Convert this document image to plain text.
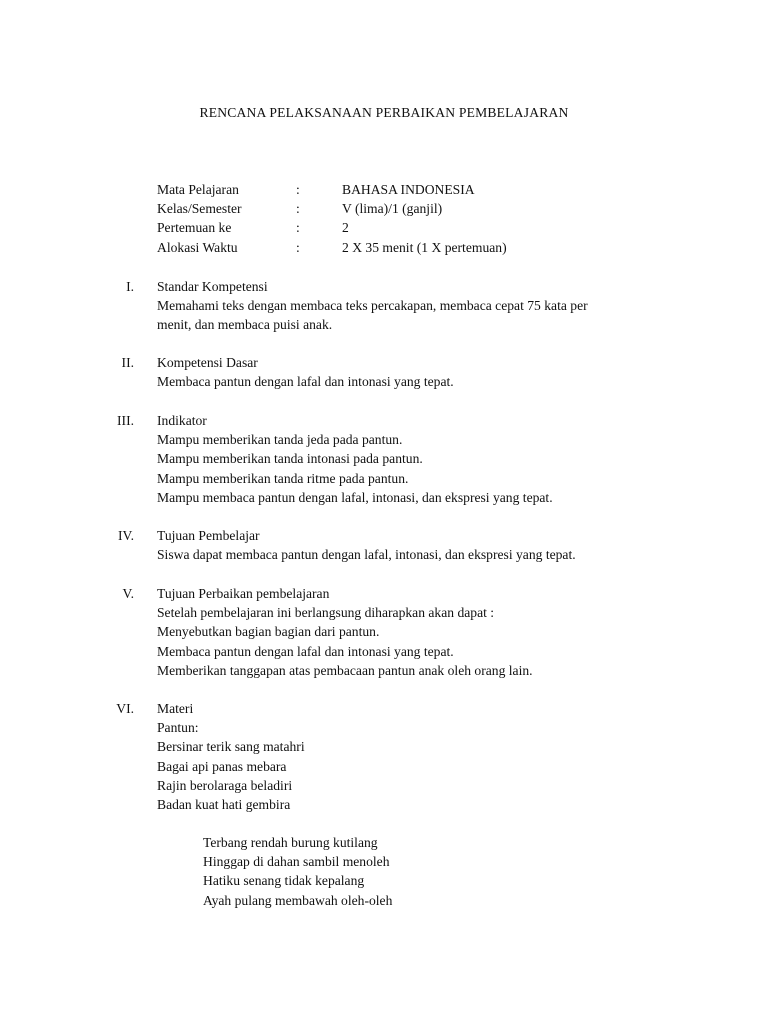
RENCANA PELAKSANAAN PERBAIKAN PEMBELAJARAN
Mata Pelajaran	:	BAHASA INDONESIA
Kelas/Semester	:	V (lima)/1 (ganjil)
Pertemuan ke	:	2
Alokasi Waktu	:	2 X 35 menit (1 X pertemuan)
I. Standar Kompetensi
Memahami teks dengan membaca teks percakapan, membaca cepat 75 kata per
menit, dan membaca puisi anak.
II. Kompetensi Dasar
Membaca pantun dengan lafal dan intonasi yang tepat.
III. Indikator
Mampu memberikan tanda jeda pada pantun.
Mampu memberikan tanda intonasi pada pantun.
Mampu memberikan tanda ritme pada pantun.
Mampu membaca pantun dengan lafal, intonasi, dan ekspresi yang tepat.
IV. Tujuan Pembelajar
Siswa dapat membaca pantun dengan lafal, intonasi, dan ekspresi yang tepat.
V. Tujuan Perbaikan pembelajaran
Setelah pembelajaran ini berlangsung diharapkan akan dapat :
Menyebutkan bagian bagian dari pantun.
Membaca pantun dengan lafal dan intonasi yang tepat.
Memberikan tanggapan atas pembacaan pantun anak oleh orang lain.
VI. Materi
Pantun:
Bersinar terik sang matahri
Bagai api panas mebara
Rajin berolaraga beladiri
Badan kuat hati gembira
Terbang rendah burung kutilang
Hinggap di dahan sambil menoleh
Hatiku senang tidak kepalang
Ayah pulang membawah oleh-oleh
